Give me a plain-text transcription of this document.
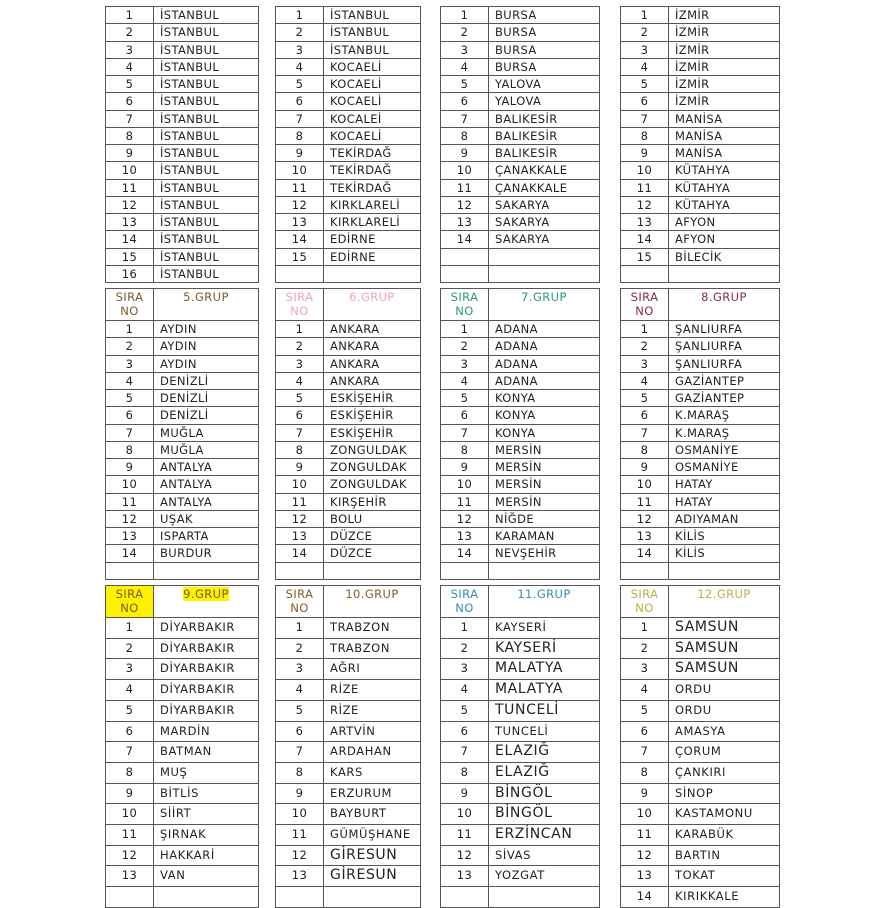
1	İSTANBUL
2	İSTANBUL
3	İSTANBUL
4	İSTANBUL
5	İSTANBUL
6	İSTANBUL
7	İSTANBUL
8	İSTANBUL
9	İSTANBUL
10	İSTANBUL
11	İSTANBUL
12	İSTANBUL
13	İSTANBUL
14	İSTANBUL
15	İSTANBUL
16	İSTANBUL
1	İSTANBUL
2	İSTANBUL
3	İSTANBUL
4	KOCAELİ
5	KOCAELİ
6	KOCAELİ
7	KOCALEİ
8	KOCAELİ
9	TEKİRDAĞ
10	TEKİRDAĞ
11	TEKİRDAĞ
12	KIRKLARELİ
13	KIRKLARELİ
14	EDİRNE
15	EDİRNE

1	BURSA
2	BURSA
3	BURSA
4	BURSA
5	YALOVA
6	YALOVA
7	BALIKESİR
8	BALIKESİR
9	BALIKESİR
10	ÇANAKKALE
11	ÇANAKKALE
12	SAKARYA
13	SAKARYA
14	SAKARYA

1	İZMİR
2	İZMİR
3	İZMİR
4	İZMİR
5	İZMİR
6	İZMİR
7	MANİSA
8	MANİSA
9	MANİSA
10	KÜTAHYA
11	KÜTAHYA
12	KÜTAHYA
13	AFYON
14	AFYON
15	BİLECİK

SIRA
NO	5.GRUP
1	AYDIN
2	AYDIN
3	AYDIN
4	DENİZLİ
5	DENİZLİ
6	DENİZLİ
7	MUĞLA
8	MUĞLA
9	ANTALYA
10	ANTALYA
11	ANTALYA
12	UŞAK
13	ISPARTA
14	BURDUR

SIRA
NO	6.GRUP
1	ANKARA
2	ANKARA
3	ANKARA
4	ANKARA
5	ESKİŞEHİR
6	ESKİŞEHİR
7	ESKİŞEHİR
8	ZONGULDAK
9	ZONGULDAK
10	ZONGULDAK
11	KIRŞEHİR
12	BOLU
13	DÜZCE
14	DÜZCE

SIRA
NO	7.GRUP
1	ADANA
2	ADANA
3	ADANA
4	ADANA
5	KONYA
6	KONYA
7	KONYA
8	MERSİN
9	MERSİN
10	MERSİN
11	MERSİN
12	NİĞDE
13	KARAMAN
14	NEVŞEHİR

SIRA
NO	8.GRUP
1	ŞANLIURFA
2	ŞANLIURFA
3	ŞANLIURFA
4	GAZİANTEP
5	GAZİANTEP
6	K.MARAŞ
7	K.MARAŞ
8	OSMANİYE
9	OSMANİYE
10	HATAY
11	HATAY
12	ADIYAMAN
13	KİLİS
14	KİLİS

SIRA
NO	9.GRUP
1	DİYARBAKIR
2	DİYARBAKIR
3	DİYARBAKIR
4	DİYARBAKIR
5	DİYARBAKIR
6	MARDİN
7	BATMAN
8	MUŞ
9	BİTLİS
10	SİİRT
11	ŞIRNAK
12	HAKKARİ
13	VAN

SIRA
NO	10.GRUP
1	TRABZON
2	TRABZON
3	AĞRI
4	RİZE
5	RİZE
6	ARTVİN
7	ARDAHAN
8	KARS
9	ERZURUM
10	BAYBURT
11	GÜMÜŞHANE
12	GİRESUN
13	GİRESUN

SIRA
NO	11.GRUP
1	KAYSERİ
2	KAYSERİ
3	MALATYA
4	MALATYA
5	TUNCELİ
6	TUNCELİ
7	ELAZIĞ
8	ELAZIĞ
9	BİNGÖL
10	BİNGÖL
11	ERZİNCAN
12	SİVAS
13	YOZGAT

SIRA
NO	12.GRUP
1	SAMSUN
2	SAMSUN
3	SAMSUN
4	ORDU
5	ORDU
6	AMASYA
7	ÇORUM
8	ÇANKIRI
9	SİNOP
10	KASTAMONU
11	KARABÜK
12	BARTIN
13	TOKAT
14	KIRIKKALE
